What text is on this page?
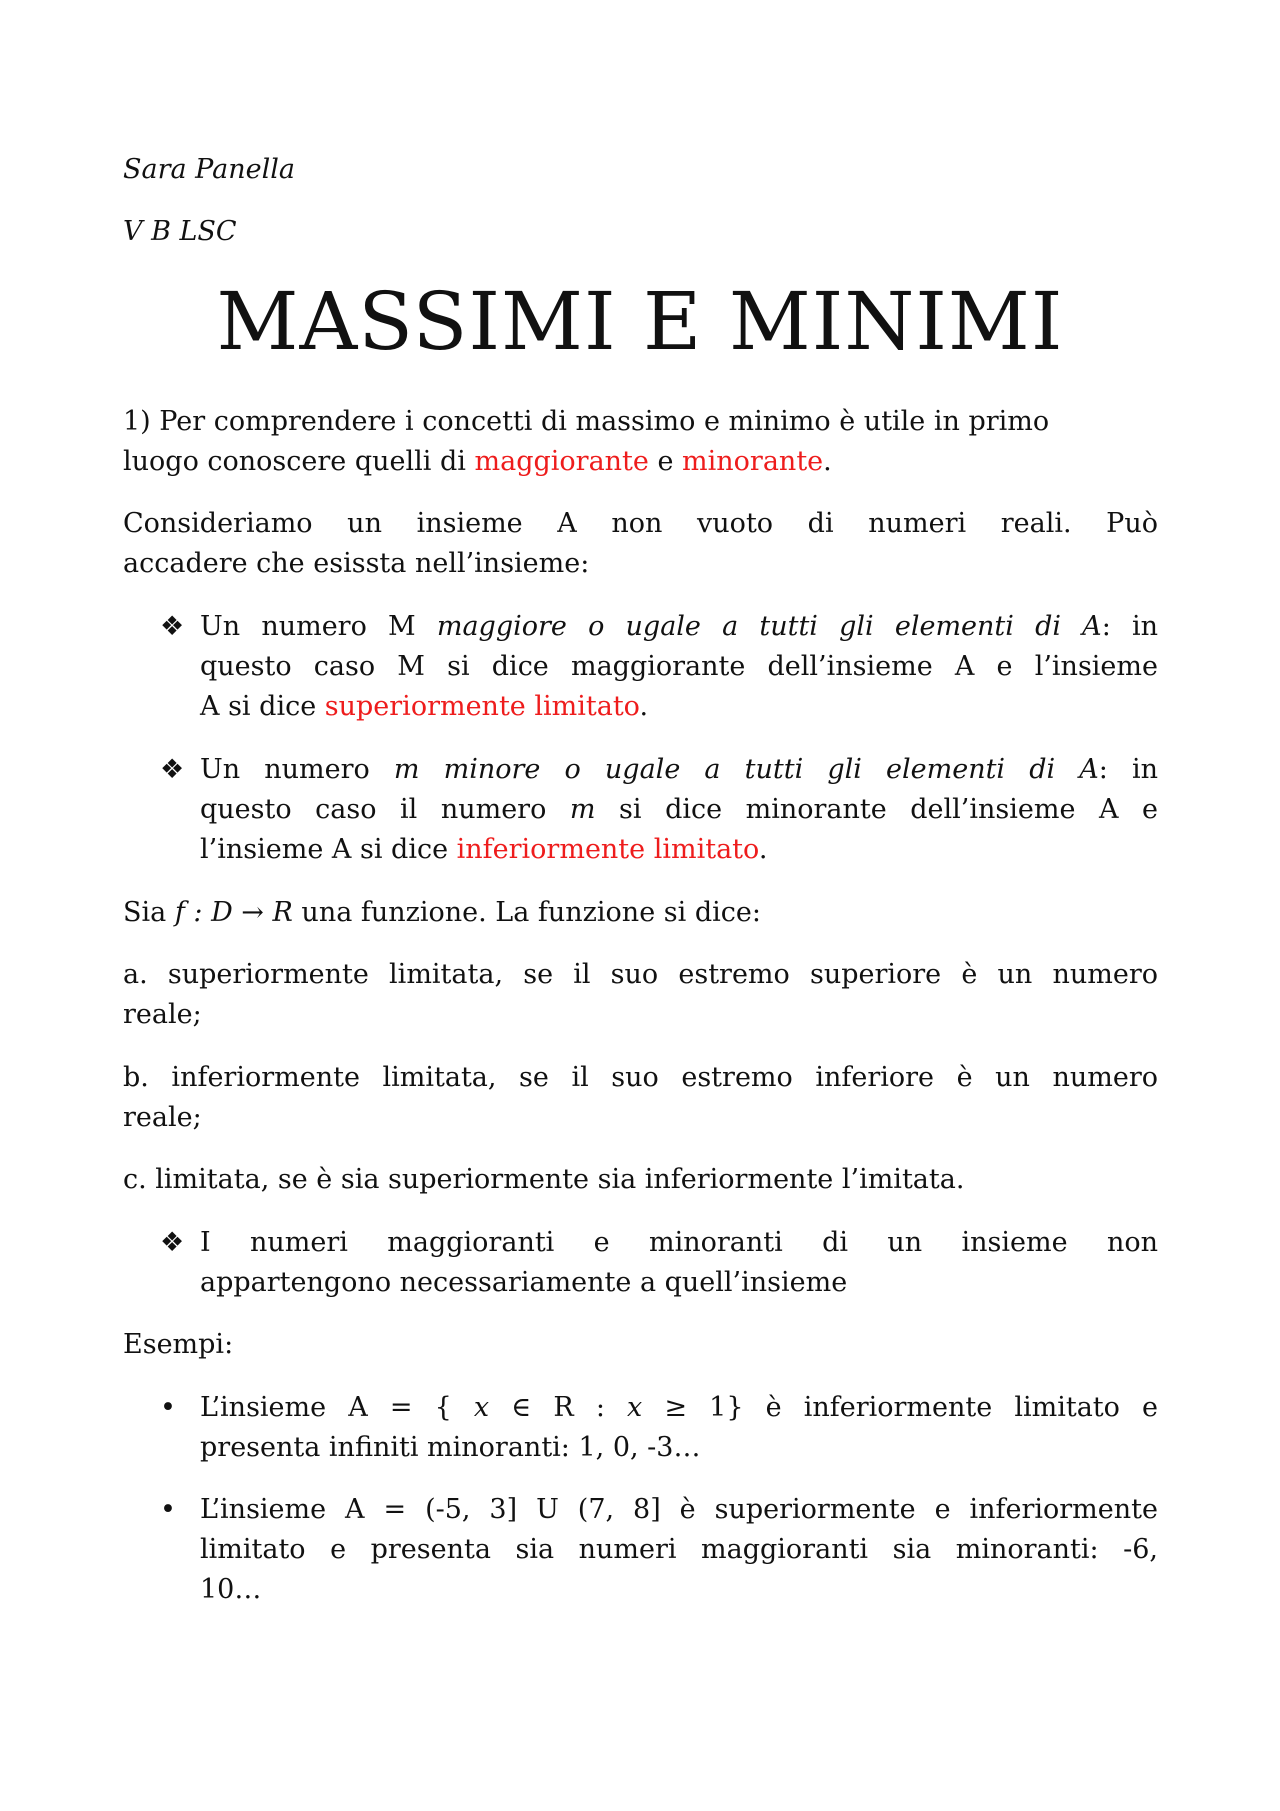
Sara Panella
V B LSC
MASSIMI E MINIMI
1) Per comprendere i concetti di massimo e minimo è utile in primo
luogo conoscere quelli di maggiorante e minorante.
Consideriamo un insieme A non vuoto di numeri reali. Può
accadere che esissta nell’insieme:
❖ Un numero M maggiore o ugale a tutti gli elementi di A: in
questo caso M si dice maggiorante dell’insieme A e l’insieme
A si dice superiormente limitato.
❖ Un numero m minore o ugale a tutti gli elementi di A: in
questo caso il numero m si dice minorante dell’insieme A e
l’insieme A si dice inferiormente limitato.
Sia f : D → R una funzione. La funzione si dice:
a. superiormente limitata, se il suo estremo superiore è un numero
reale;
b. inferiormente limitata, se il suo estremo inferiore è un numero
reale;
c. limitata, se è sia superiormente sia inferiormente l’imitata.
❖ I numeri maggioranti e minoranti di un insieme non
appartengono necessariamente a quell’insieme
Esempi:
• L’insieme A = { x ∈ R : x ≥ 1} è inferiormente limitato e
presenta infiniti minoranti: 1, 0, -3…
• L’insieme A = (-5, 3] U (7, 8] è superiormente e inferiormente
limitato e presenta sia numeri maggioranti sia minoranti: -6,
10…
